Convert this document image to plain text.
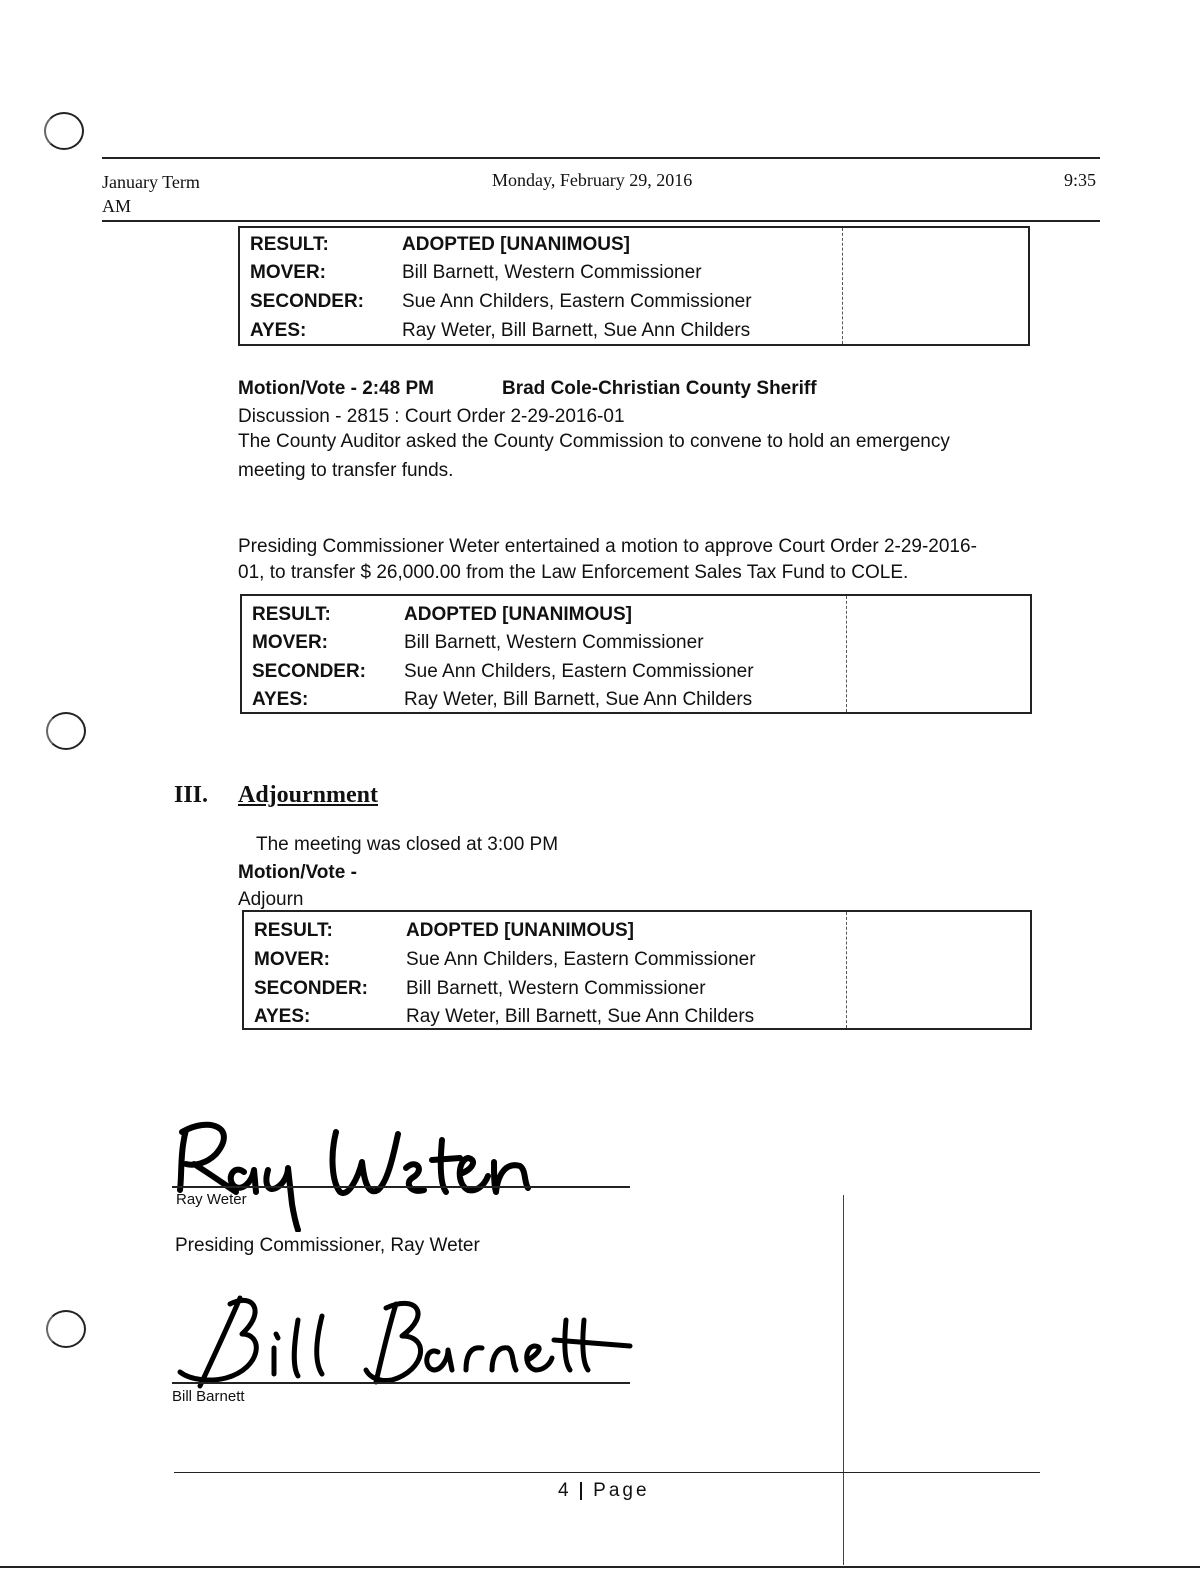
January Term	Monday, February 29, 2016	9:35
AM
RESULT:	ADOPTED [UNANIMOUS]
MOVER:	Bill Barnett, Western Commissioner
SECONDER: Sue Ann Childers, Eastern Commissioner
AYES:	Ray Weter, Bill Barnett, Sue Ann Childers
Motion/Vote - 2:48 PM	Brad Cole-Christian County Sheriff
Discussion - 2815 : Court Order 2-29-2016-01
The County Auditor asked the County Commission to convene to hold an emergency
meeting to transfer funds.
Presiding Commissioner Weter entertained a motion to approve Court Order 2-29-2016-
01, to transfer $ 26,000.00 from the Law Enforcement Sales Tax Fund to COLE.
RESULT:	ADOPTED [UNANIMOUS]
MOVER:	Bill Barnett, Western Commissioner
SECONDER: Sue Ann Childers, Eastern Commissioner
AYES:	Ray Weter, Bill Barnett, Sue Ann Childers
III. Adjournment
The meeting was closed at 3:00 PM
Motion/Vote -
Adjourn
RESULT:	ADOPTED [UNANIMOUS]
MOVER:	Sue Ann Childers, Eastern Commissioner
SECONDER: Bill Barnett, Western Commissioner
AYES:	Ray Weter, Bill Barnett, Sue Ann Childers
Ray Weter
Presiding Commissioner, Ray Weter
Bill Barnett
4 Page
